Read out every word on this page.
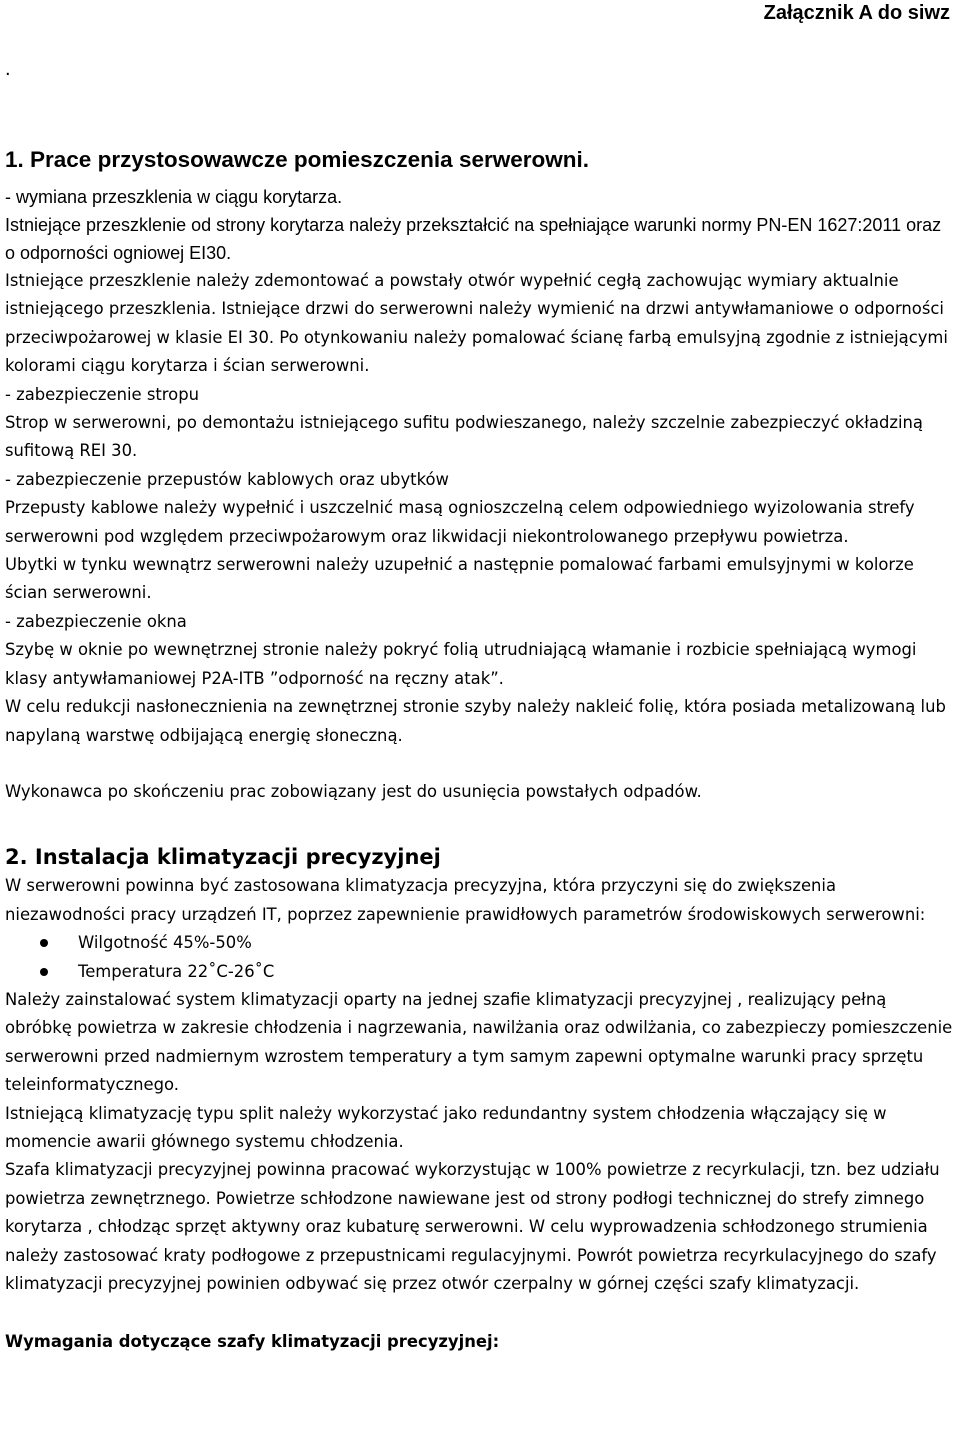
Załącznik A do siwz
.
1. Prace przystosowawcze pomieszczenia serwerowni.

- wymiana przeszklenia w ciągu korytarza.

Istniejące przeszklenie od strony korytarza należy przekształcić na spełniające warunki normy PN-EN 1627:2011 oraz o odporności ogniowej EI30.

Istniejące przeszklenie należy zdemontować a powstały otwór wypełnić cegłą zachowując wymiary aktualnie istniejącego przeszklenia. Istniejące drzwi do serwerowni należy wymienić na drzwi antywłamaniowe o odporności przeciwpożarowej w klasie EI 30. Po otynkowaniu należy pomalować ścianę farbą emulsyjną zgodnie z istniejącymi kolorami ciągu korytarza i ścian serwerowni.

- zabezpieczenie stropu

Strop w serwerowni, po demontażu istniejącego sufitu podwieszanego, należy szczelnie zabezpieczyć okładziną sufitową REI 30.

- zabezpieczenie przepustów kablowych oraz ubytków

Przepusty kablowe należy wypełnić i uszczelnić masą ognioszczelną celem odpowiedniego wyizolowania strefy serwerowni pod względem przeciwpożarowym oraz likwidacji niekontrolowanego przepływu powietrza.

Ubytki w tynku wewnątrz serwerowni należy uzupełnić a następnie pomalować farbami emulsyjnymi w kolorze ścian serwerowni.

- zabezpieczenie okna

Szybę w oknie po wewnętrznej stronie należy pokryć folią utrudniającą włamanie i rozbicie spełniającą wymogi klasy antywłamaniowej P2A-ITB ”odporność na ręczny atak”.

W celu redukcji nasłonecznienia na zewnętrznej stronie szyby należy nakleić folię, która posiada metalizowaną lub napylaną warstwę odbijającą energię słoneczną.

Wykonawca po skończeniu prac zobowiązany jest do usunięcia powstałych odpadów.

2. Instalacja klimatyzacji precyzyjnej

W serwerowni powinna być zastosowana klimatyzacja precyzyjna, która przyczyni się do zwiększenia niezawodności pracy urządzeń IT, poprzez zapewnienie prawidłowych parametrów środowiskowych serwerowni:

Wilgotność 45%-50%
Temperatura 22˚C-26˚C

Należy zainstalować system klimatyzacji oparty na jednej szafie klimatyzacji precyzyjnej , realizujący pełną obróbkę powietrza w zakresie chłodzenia i nagrzewania, nawilżania oraz odwilżania, co zabezpieczy pomieszczenie serwerowni przed nadmiernym wzrostem temperatury a tym samym zapewni optymalne warunki pracy sprzętu teleinformatycznego.

Istniejącą klimatyzację typu split należy wykorzystać jako redundantny system chłodzenia włączający się w momencie awarii głównego systemu chłodzenia.

Szafa klimatyzacji precyzyjnej powinna pracować wykorzystując w 100% powietrze z recyrkulacji, tzn. bez udziału powietrza zewnętrznego. Powietrze schłodzone nawiewane jest od strony podłogi technicznej do strefy zimnego korytarza , chłodząc sprzęt aktywny oraz kubaturę serwerowni. W celu wyprowadzenia schłodzonego strumienia należy zastosować kraty podłogowe z przepustnicami regulacyjnymi. Powrót powietrza recyrkulacyjnego do szafy klimatyzacji precyzyjnej powinien odbywać się przez otwór czerpalny w górnej części szafy klimatyzacji.

Wymagania dotyczące szafy klimatyzacji precyzyjnej:
